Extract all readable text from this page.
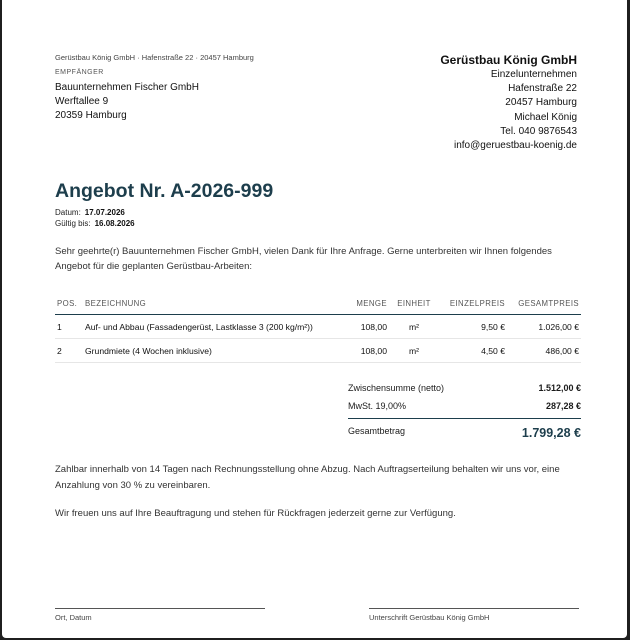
Gerüstbau König GmbH · Hafenstraße 22 · 20457 Hamburg
EMPFÄNGER
Bauunternehmen Fischer GmbH
Werftallee 9
20359 Hamburg
Gerüstbau König GmbH
Einzelunternehmen
Hafenstraße 22
20457 Hamburg
Michael König
Tel. 040 9876543
info@geruestbau-koenig.de
Angebot Nr. A-2026-999
Datum: 17.07.2026
Gültig bis: 16.08.2026
Sehr geehrte(r) Bauunternehmen Fischer GmbH, vielen Dank für Ihre Anfrage. Gerne unterbreiten wir Ihnen folgendes Angebot für die geplanten Gerüstbau-Arbeiten:
POS.	BEZEICHNUNG	MENGE	EINHEIT	EINZELPREIS	GESAMTPREIS
1	Auf- und Abbau (Fassadengerüst, Lastklasse 3 (200 kg/m²))	108,00	m²	9,50 €	1.026,00 €
2	Grundmiete (4 Wochen inklusive)	108,00	m²	4,50 €	486,00 €
Zwischensumme (netto)	1.512,00 €
MwSt. 19,00%	287,28 €
Gesamtbetrag	1.799,28 €

Zahlbar innerhalb von 14 Tagen nach Rechnungsstellung ohne Abzug. Nach Auftragserteilung behalten wir uns vor, eine Anzahlung von 30 % zu vereinbaren.

Wir freuen uns auf Ihre Beauftragung und stehen für Rückfragen jederzeit gerne zur Verfügung.

Ort, Datum	Unterschrift Gerüstbau König GmbH
